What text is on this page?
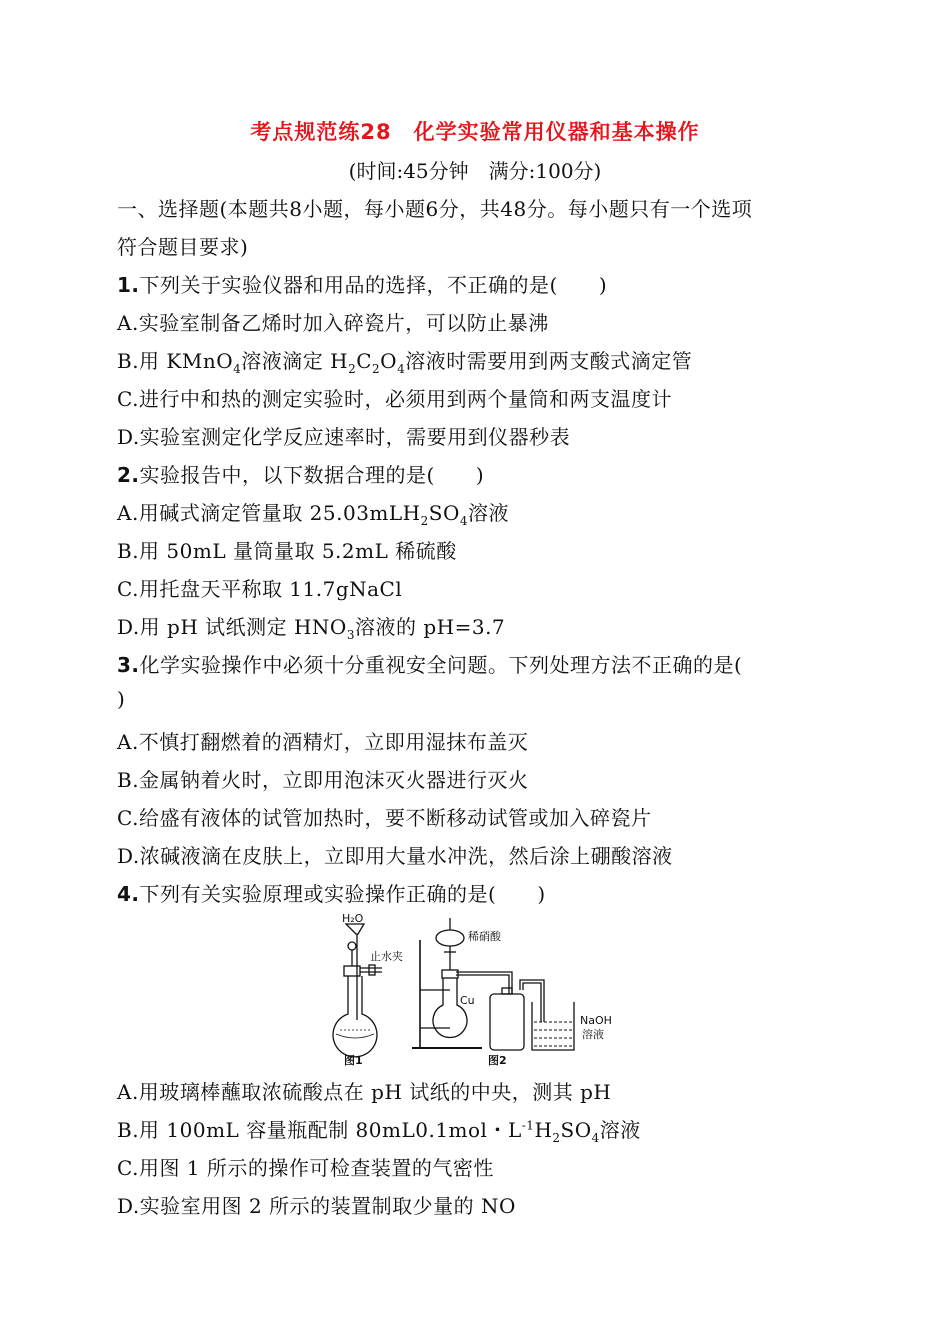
考点规范练28　化学实验常用仪器和基本操作
(时间:45分钟　满分:100分)
一、选择题(本题共8小题，每小题6分，共48分。每小题只有一个选项
符合题目要求)
1.下列关于实验仪器和用品的选择，不正确的是(　　)
A.实验室制备乙烯时加入碎瓷片，可以防止暴沸
B.用 KMnO$_4$溶液滴定 $H_2C_2O_4$溶液时需要用到两支酸式滴定管
C.进行中和热的测定实验时，必须用到两个量筒和两支温度计
D.实验室测定化学反应速率时，需要用到仪器秒表
2.实验报告中，以下数据合理的是(　　)
A.用碱式滴定管量取 $25.03mLH_2SO_4$溶液
B.用 50mL 量筒量取 5.2mL 稀硫酸
C.用托盘天平称取 11.7gNaCl
D.用 pH 试纸测定 $HNO_3$溶液的 pH=3.7
3.化学实验操作中必须十分重视安全问题。下列处理方法不正确的是(
)
A.不慎打翻燃着的酒精灯，立即用湿抹布盖灭
B.金属钠着火时，立即用泡沫灭火器进行灭火
C.给盛有液体的试管加热时，要不断移动试管或加入碎瓷片
D.浓碱液滴在皮肤上，立即用大量水冲洗，然后涂上硼酸溶液
4.下列有关实验原理或实验操作正确的是(　　)
H₂O
止水夹
稀硝酸
Cu
NaOH
溶液
图1	图2
A.用玻璃棒蘸取浓硫酸点在 pH 试纸的中央，测其 pH
B.用 100mL 容量瓶配制 80mL0.1mol・$L^{-1}H_2SO_4$溶液
C.用图 1 所示的操作可检查装置的气密性
D.实验室用图 2 所示的装置制取少量的 NO
